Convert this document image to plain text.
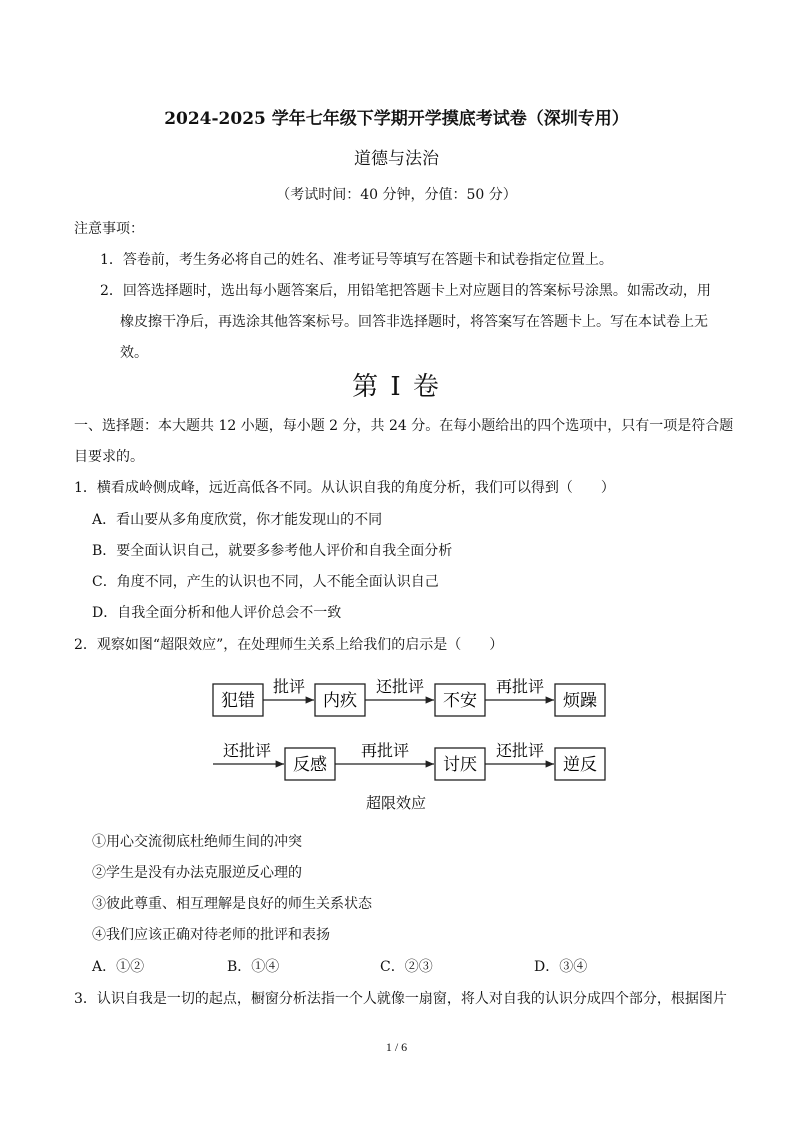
2024-2025 学年七年级下学期开学摸底考试卷（深圳专用）
道德与法治
（考试时间：40 分钟，分值：50 分）
注意事项：
1．答卷前，考生务必将自己的姓名、准考证号等填写在答题卡和试卷指定位置上。
2．回答选择题时，选出每小题答案后，用铅笔把答题卡上对应题目的答案标号涂黑。如需改动，用
橡皮擦干净后，再选涂其他答案标号。回答非选择题时，将答案写在答题卡上。写在本试卷上无
效。
第 I 卷
一、选择题：本大题共 12 小题，每小题 2 分，共 24 分。在每小题给出的四个选项中，只有一项是符合题
目要求的。
1．横看成岭侧成峰，远近高低各不同。从认识自我的角度分析，我们可以得到（　　）
A．看山要从多角度欣赏，你才能发现山的不同
B．要全面认识自己，就要多参考他人评价和自我全面分析
C．角度不同，产生的认识也不同，人不能全面认识自己
D．自我全面分析和他人评价总会不一致
2．观察如图“超限效应”，在处理师生关系上给我们的启示是（　　）
犯错	内疚	不安	烦躁
批评	还批评	再批评
还批评
反感
再批评
讨厌
还批评
逆反
超限效应
①用心交流彻底杜绝师生间的冲突
②学生是没有办法克服逆反心理的
③彼此尊重、相互理解是良好的师生关系状态
④我们应该正确对待老师的批评和表扬
A．①②	B．①④	C．②③	D．③④
3．认识自我是一切的起点，橱窗分析法指一个人就像一扇窗，将人对自我的认识分成四个部分，根据图片
1 / 6
